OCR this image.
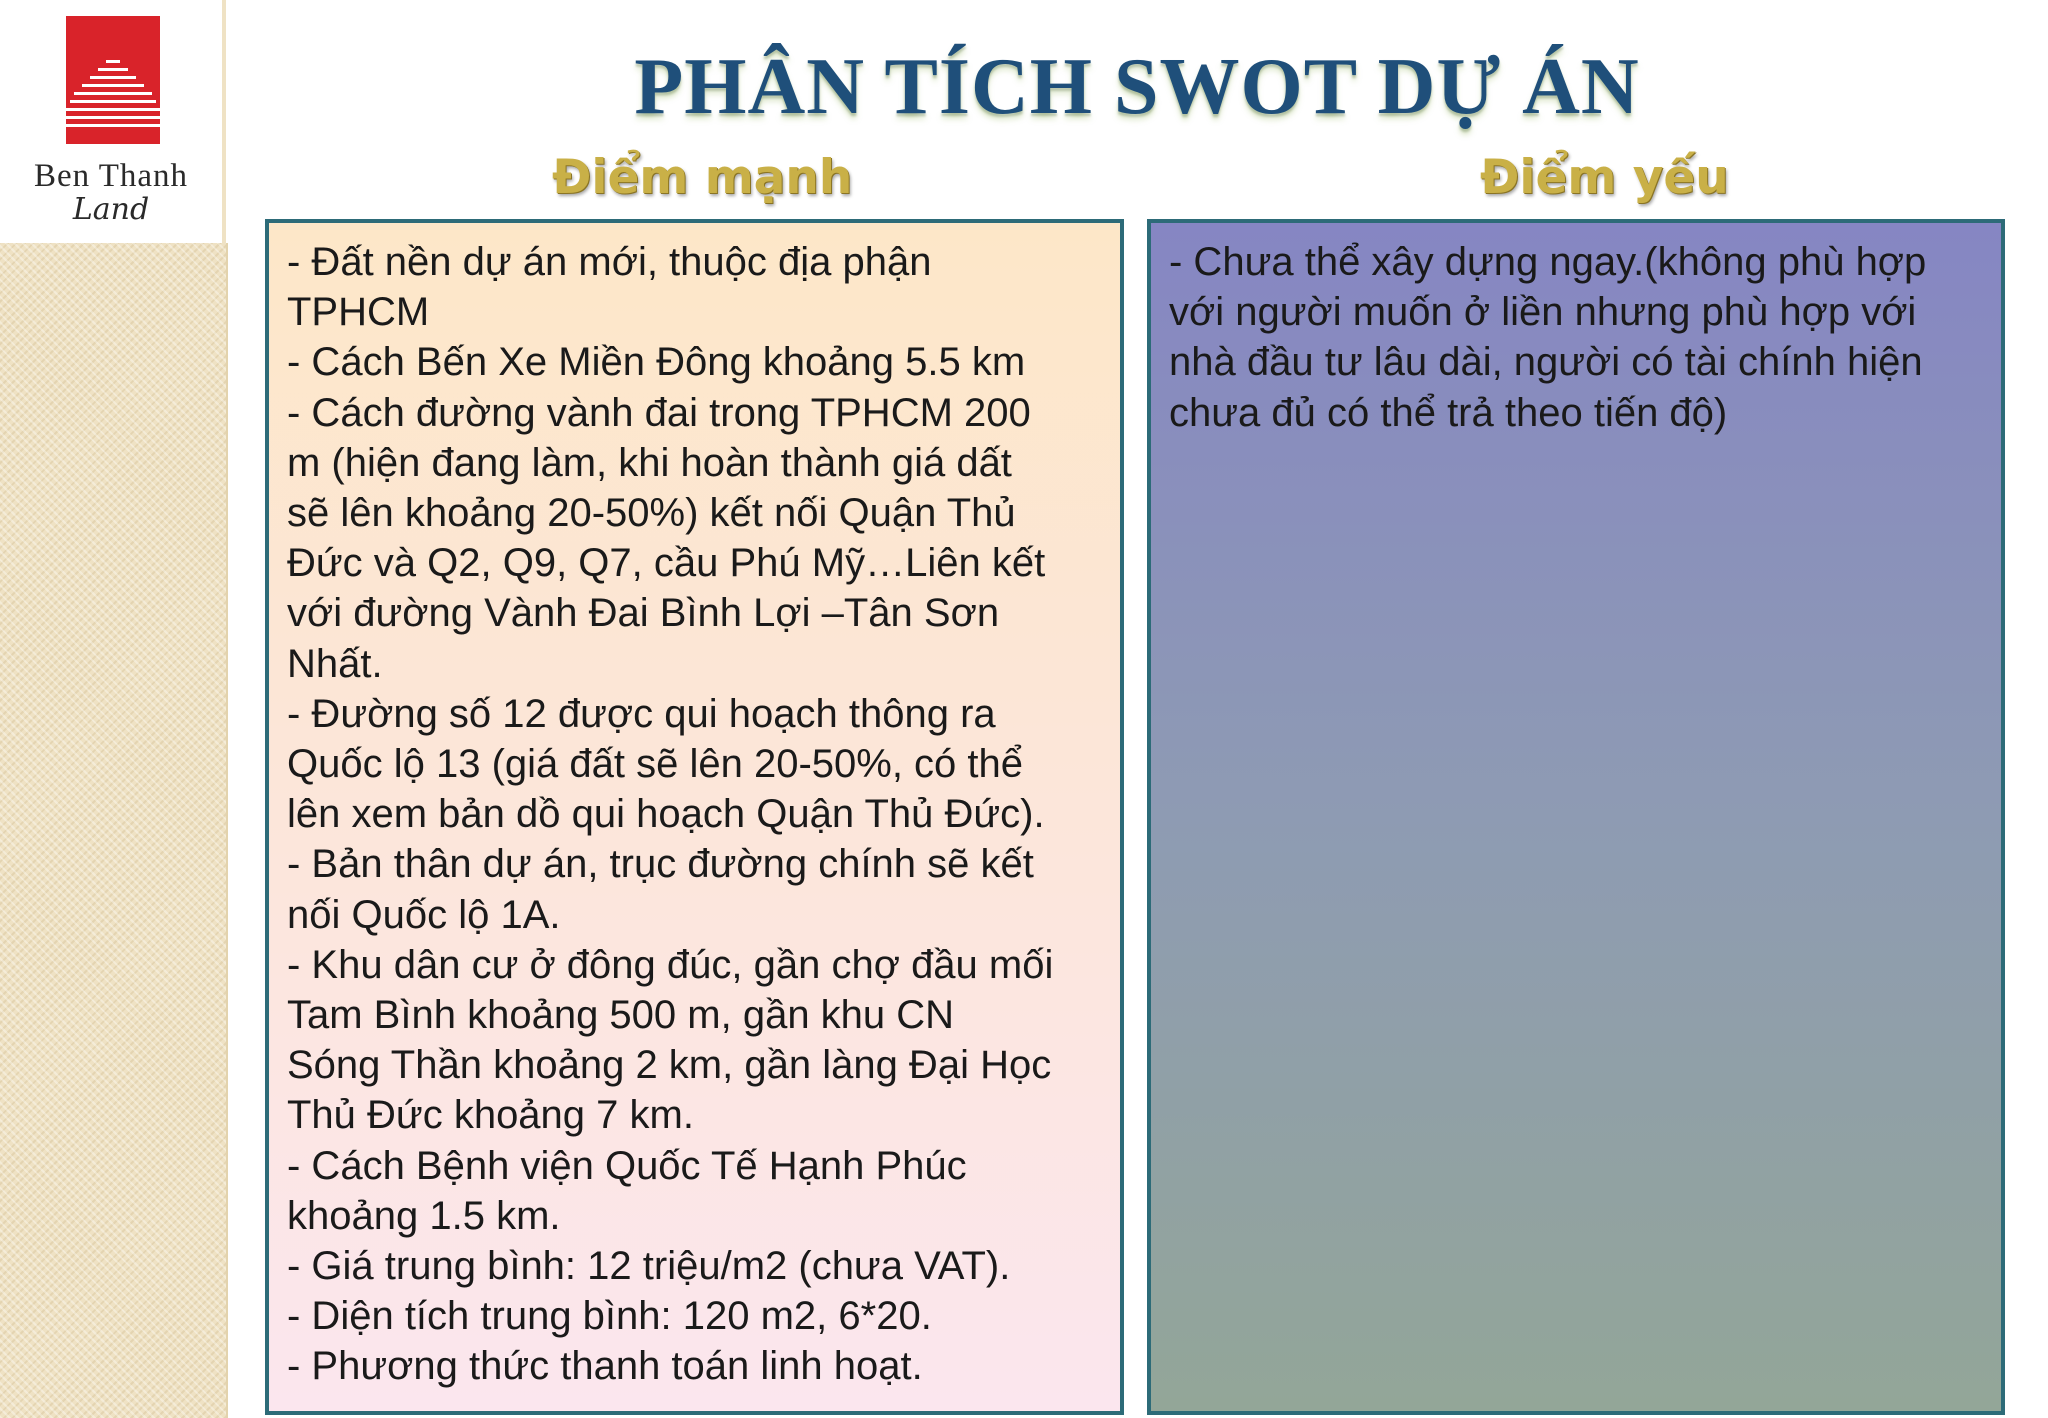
Ben Thanh
Land
PHÂN TÍCH SWOT DỰ ÁN
Điểm mạnh	Điểm yếu
- Đất nền dự án mới, thuộc địa phận
TPHCM
- Cách Bến Xe Miền Đông khoảng 5.5 km
- Cách đường vành đai trong TPHCM 200
m (hiện đang làm, khi hoàn thành giá dất
sẽ lên khoảng 20-50%) kết nối Quận Thủ
Đức và Q2, Q9, Q7, cầu Phú Mỹ…Liên kết
với đường Vành Đai Bình Lợi –Tân Sơn
Nhất.
- Đường số 12 được qui hoạch thông ra
Quốc lộ 13 (giá đất sẽ lên 20-50%, có thể
lên xem bản dồ qui hoạch Quận Thủ Đức).
- Bản thân dự án, trục đường chính sẽ kết
nối Quốc lộ 1A.
- Khu dân cư ở đông đúc, gần chợ đầu mối
Tam Bình khoảng 500 m, gần khu CN
Sóng Thần khoảng 2 km, gần làng Đại Học
Thủ Đức khoảng 7 km.
- Cách Bệnh viện Quốc Tế Hạnh Phúc
khoảng 1.5 km.
- Giá trung bình: 12 triệu/m2 (chưa VAT).
- Diện tích trung bình: 120 m2, 6*20.
- Phương thức thanh toán linh hoạt.
- Chưa thể xây dựng ngay.(không phù hợp
với người muốn ở liền nhưng phù hợp với
nhà đầu tư lâu dài, người có tài chính hiện
chưa đủ có thể trả theo tiến độ)
